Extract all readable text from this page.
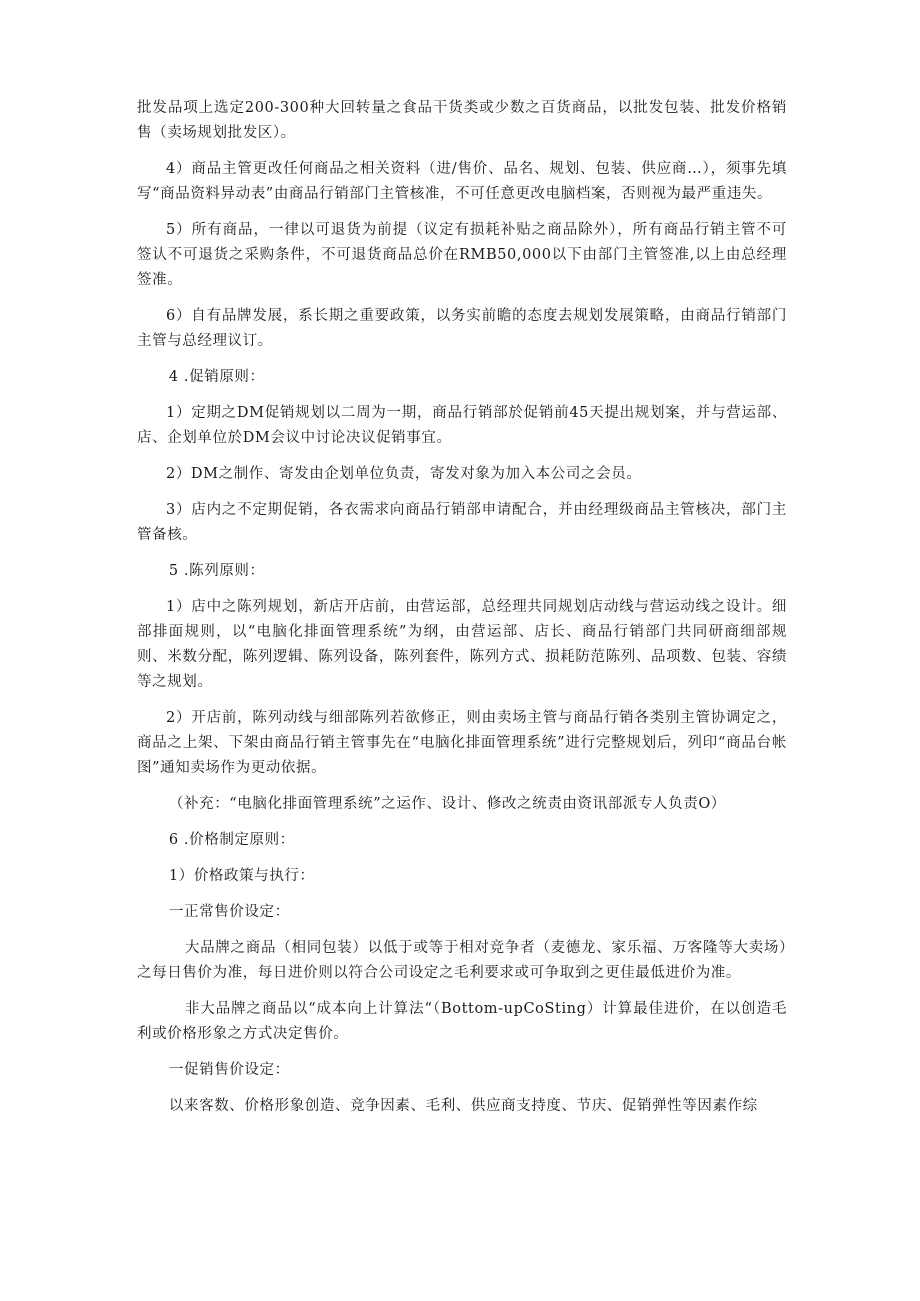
批发品项上选定200-300种大回转量之食品干货类或少数之百货商品，以批发包装、批发价格销售（卖场规划批发区）。

4）商品主管更改任何商品之相关资料（进/售价、品名、规划、包装、供应商…），须事先填写“商品资料异动表”由商品行销部门主管核准，不可任意更改电脑档案，否则视为最严重违失。

5）所有商品，一律以可退货为前提（议定有损耗补贴之商品除外），所有商品行销主管不可签认不可退货之采购条件，不可退货商品总价在RMB50,000以下由部门主管签准,以上由总经理签准。

6）自有品牌发展，系长期之重要政策，以务实前瞻的态度去规划发展策略，由商品行销部门主管与总经理议订。

4 .促销原则：

1）定期之DM促销规划以二周为一期，商品行销部於促销前45天提出规划案，并与营运部、店、企划单位於DM会议中讨论决议促销事宜。

2）DM之制作、寄发由企划单位负责，寄发对象为加入本公司之会员。

3）店内之不定期促销，各衣需求向商品行销部申请配合，并由经理级商品主管核决，部门主管备核。

5 .陈列原则：

1）店中之陈列规划，新店开店前，由营运部，总经理共同规划店动线与营运动线之设计。细部排面规则，以“电脑化排面管理系统”为纲，由营运部、店长、商品行销部门共同研商细部规则、米数分配，陈列逻辑、陈列设备，陈列套件，陈列方式、损耗防范陈列、品项数、包装、容绩等之规划。

2）开店前，陈列动线与细部陈列若欲修正，则由卖场主管与商品行销各类别主管协调定之，商品之上架、下架由商品行销主管事先在“电脑化排面管理系统”进行完整规划后，列印“商品台帐图”通知卖场作为更动依据。

（补充：“电脑化排面管理系统”之运作、设计、修改之统责由资讯部派专人负责O）

6 .价格制定原则：

1）价格政策与执行：

一正常售价设定：

大品牌之商品（相同包装）以低于或等于相对竞争者（麦德龙、家乐福、万客隆等大卖场）之每日售价为准，每日进价则以符合公司设定之毛利要求或可争取到之更佳最低进价为准。

非大品牌之商品以“成本向上计算法“（Bottom-upCoSting）计算最佳进价，在以创造毛利或价格形象之方式决定售价。

一促销售价设定：

以来客数、价格形象创造、竞争因素、毛利、供应商支持度、节庆、促销弹性等因素作综
